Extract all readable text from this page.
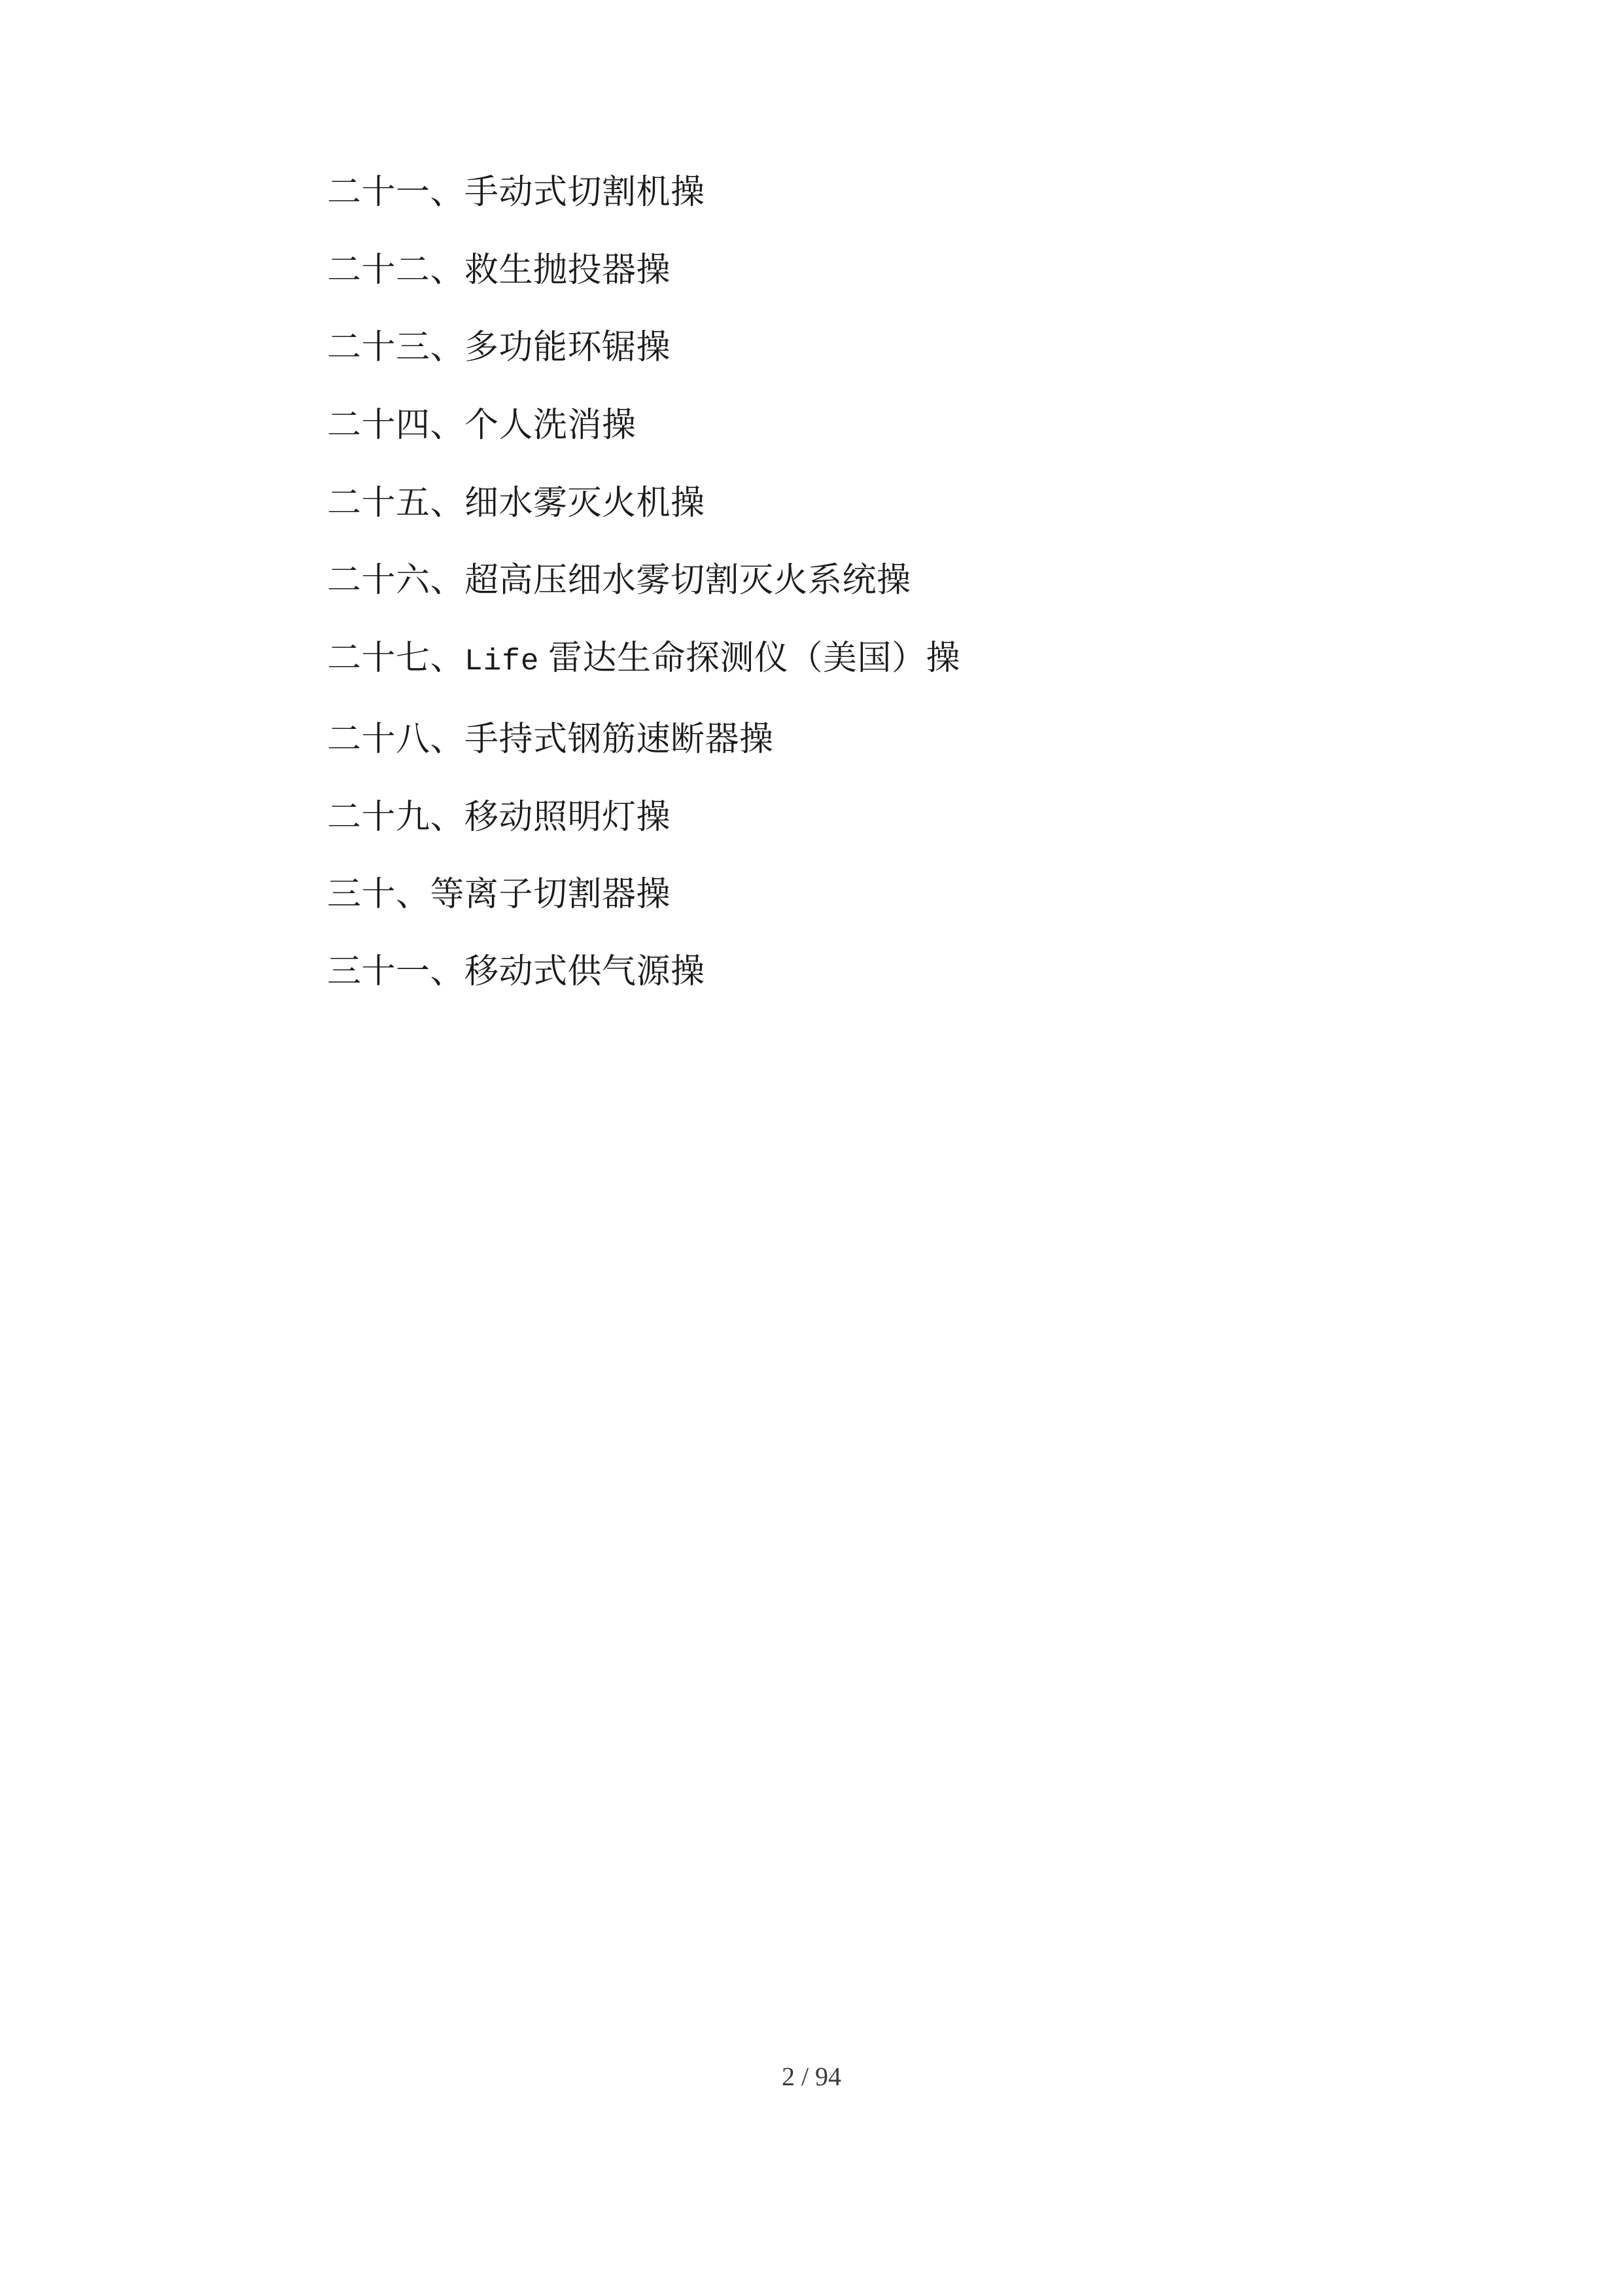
二十一、手动式切割机操
二十二、救生抛投器操
二十三、多功能环锯操
二十四、个人洗消操
二十五、细水雾灭火机操
二十六、超高压细水雾切割灭火系统操
二十七、Life 雷达生命探测仪（美国）操
二十八、手持式钢筋速断器操
二十九、移动照明灯操
三十、等离子切割器操
三十一、移动式供气源操
2 / 94
